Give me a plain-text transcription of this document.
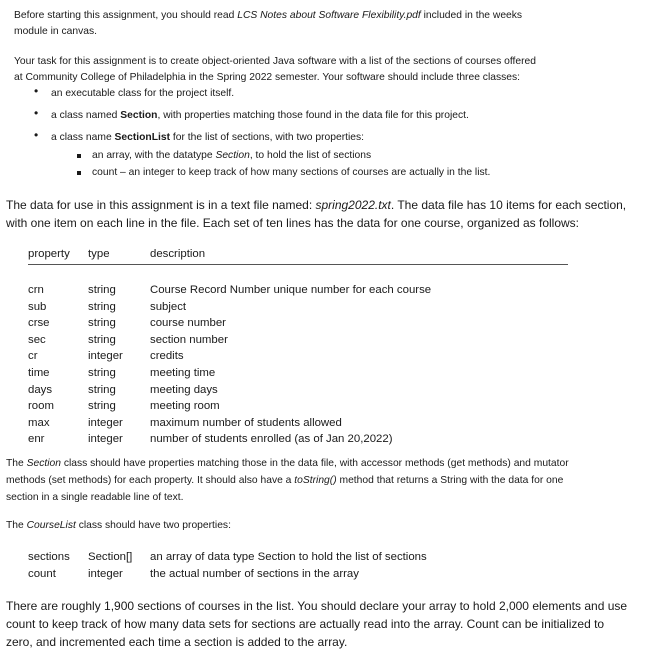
Before starting this assignment, you should read LCS Notes about Software Flexibility.pdf included in the weeks
module in canvas.
Your task for this assignment is to create object-oriented Java software with a list of the sections of courses offered
at Community College of Philadelphia in the Spring 2022 semester. Your software should include three classes:
• an executable class for the project itself.
• a class named Section, with properties matching those found in the data file for this project.
• a class name SectionList for the list of sections, with two properties:
an array, with the datatype Section, to hold the list of sections
count – an integer to keep track of how many sections of courses are actually in the list.
The data for use in this assignment is in a text file named: spring2022.txt. The data file has 10 items for each section,
with one item on each line in the file. Each set of ten lines has the data for one course, organized as follows:
property type	description
crn	string	Course Record Number unique number for each course
sub	string	subject
crse	string	course number
sec	string	section number
cr	integer credits
time	string	meeting time
days	string	meeting days
room	string	meeting room
max	integer maximum number of students allowed
enr	integer number of students enrolled (as of Jan 20,2022)
The Section class should have properties matching those in the data file, with accessor methods (get methods) and mutator
methods (set methods) for each property. It should also have a toString() method that returns a String with the data for one
section in a single readable line of text.
The CourseList class should have two properties:
sections Section[] an array of data type Section to hold the list of sections
count	integer the actual number of sections in the array
There are roughly 1,900 sections of courses in the list. You should declare your array to hold 2,000 elements and use
count to keep track of how many data sets for sections are actually read into the array. Count can be initialized to
zero, and incremented each time a section is added to the array.
